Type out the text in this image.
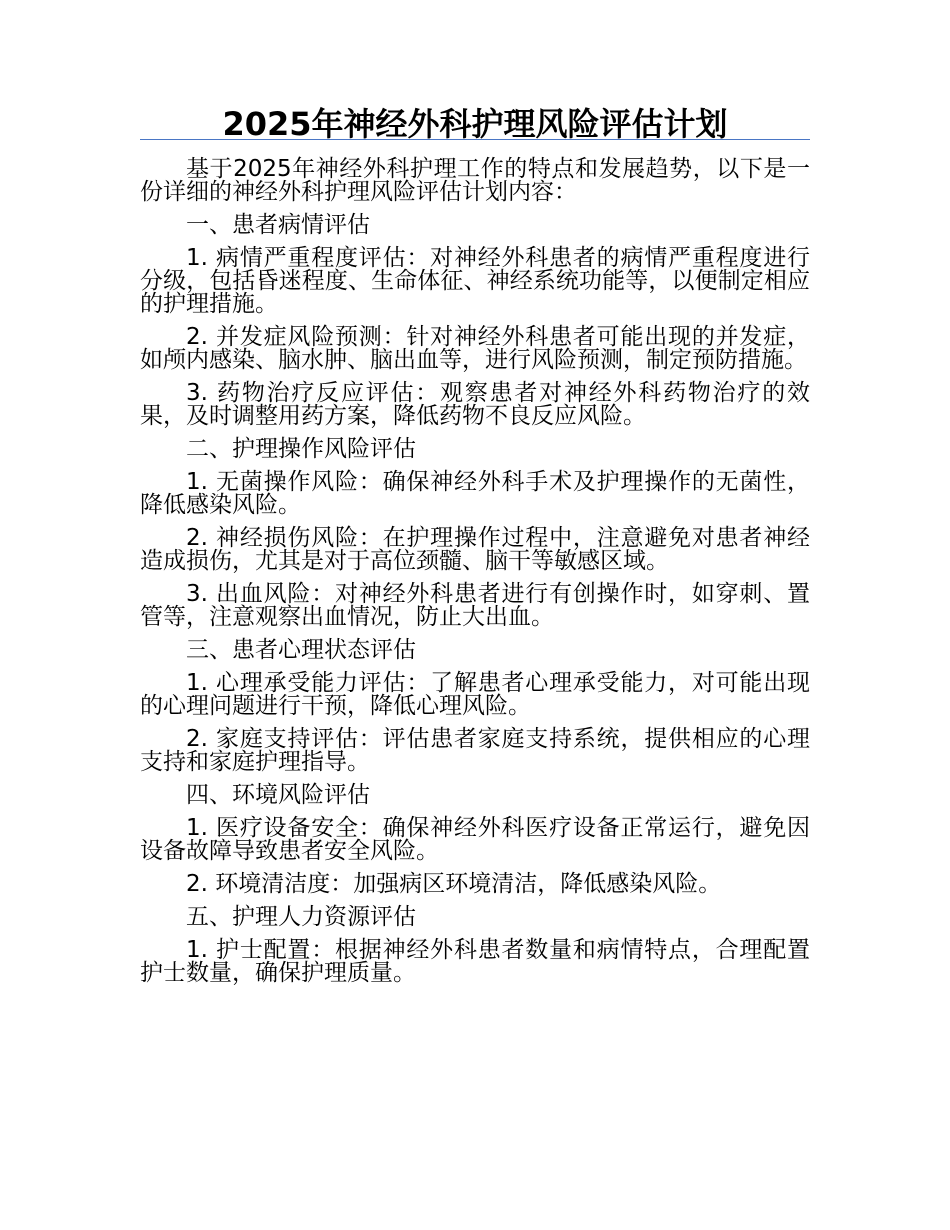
2025年神经外科护理风险评估计划

基于2025年神经外科护理工作的特点和发展趋势，以下是一份详细的神经外科护理风险评估计划内容：

一、患者病情评估

1. 病情严重程度评估：对神经外科患者的病情严重程度进行分级，包括昏迷程度、生命体征、神经系统功能等，以便制定相应的护理措施。

2. 并发症风险预测：针对神经外科患者可能出现的并发症，如颅内感染、脑水肿、脑出血等，进行风险预测，制定预防措施。

3. 药物治疗反应评估：观察患者对神经外科药物治疗的效果，及时调整用药方案，降低药物不良反应风险。

二、护理操作风险评估

1. 无菌操作风险：确保神经外科手术及护理操作的无菌性，降低感染风险。

2. 神经损伤风险：在护理操作过程中，注意避免对患者神经造成损伤，尤其是对于高位颈髓、脑干等敏感区域。

3. 出血风险：对神经外科患者进行有创操作时，如穿刺、置管等，注意观察出血情况，防止大出血。

三、患者心理状态评估

1. 心理承受能力评估：了解患者心理承受能力，对可能出现的心理问题进行干预，降低心理风险。

2. 家庭支持评估：评估患者家庭支持系统，提供相应的心理支持和家庭护理指导。

四、环境风险评估

1. 医疗设备安全：确保神经外科医疗设备正常运行，避免因设备故障导致患者安全风险。

2. 环境清洁度：加强病区环境清洁，降低感染风险。

五、护理人力资源评估

1. 护士配置：根据神经外科患者数量和病情特点，合理配置护士数量，确保护理质量。
